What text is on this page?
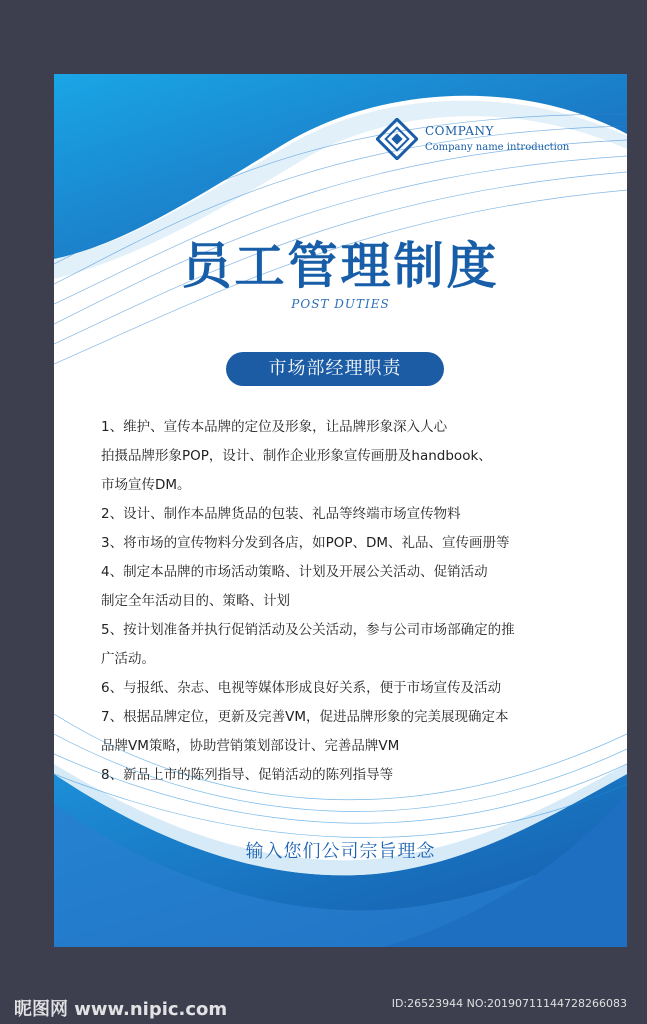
COMPANY
Company name introduction
员工管理制度
POST DUTIES
市场部经理职责
1、维护、宣传本品牌的定位及形象，让品牌形象深入人心
拍摄品牌形象POP，设计、制作企业形象宣传画册及handbook、
市场宣传DM。
2、设计、制作本品牌货品的包装、礼品等终端市场宣传物料
3、将市场的宣传物料分发到各店，如POP、DM、礼品、宣传画册等
4、制定本品牌的市场活动策略、计划及开展公关活动、促销活动
制定全年活动目的、策略、计划
5、按计划准备并执行促销活动及公关活动，参与公司市场部确定的推
广活动。
6、与报纸、杂志、电视等媒体形成良好关系，便于市场宣传及活动
7、根据品牌定位，更新及完善VM，促进品牌形象的完美展现确定本
品牌VM策略，协助营销策划部设计、完善品牌VM
8、新品上市的陈列指导、促销活动的陈列指导等
输入您们公司宗旨理念
昵图网 www.nipic.com	ID:26523944 NO:20190711144728266083
